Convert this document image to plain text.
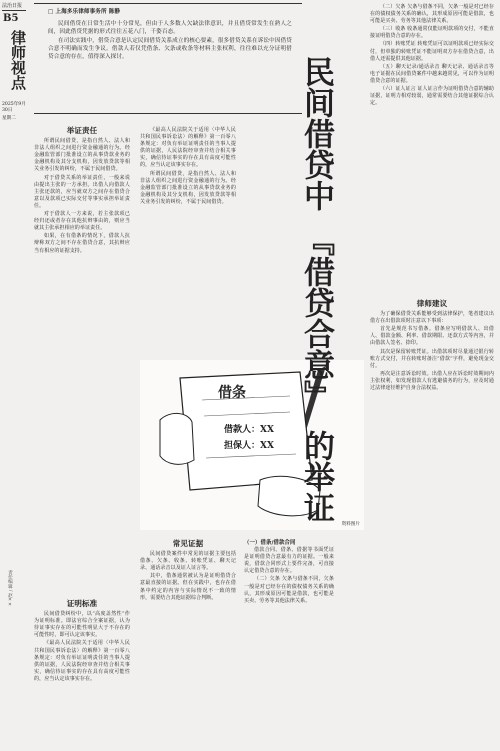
法治日报
B5
律师视点
2025年9月30日
星期二
责任编辑 / 赵××
□ 上海多乐律师事务所 陈静

民间借贷在日常生活中十分常见，但由于人多数人欠缺法律意识，并且借贷常发生在熟人之间，因此借贷凭据的形式往往五花八门，千姿百态。

在司法实践中，借贷合意是认定民间借贷关系成立的核心要素，很多借贷关系在诉讼中因借贷合意不明确而发生争议。借款人若仅凭借条、欠条或收条等材料主张权利，往往难以充分证明借贷合意的存在，值得深入探讨。

举证责任

所谓民间借贷，是指自然人、法人和非法人组织之间进行资金融通的行为。经金融监管部门批准设立的从事贷款业务的金融机构及其分支机构，因发放贷款等相关业务引发的纠纷，不属于民间借贷。

对于借贷关系的举证责任，一般来说由提出主张的一方承担。出借人向借款人主张还款的，应当就双方之间存在借贷合意以及款项已实际交付等事实承担举证责任。

对于借款人一方来说，若主张款项已经归还或者存在其他抗辩事由的，则应当就其主张承担相应的举证责任。

如果，在有借条的情况下，借款人抗辩称双方之间不存在借贷合意，其抗辩应当有相应的证据支持。

证明标准

民间借贷纠纷中，以“高度盖然性”作为证明标准。即法官综合全案证据，认为待证事实存在的可能性明显大于不存在的可能性时，即可认定该事实。

《最高人民法院关于适用〈中华人民共和国民事诉讼法〉的解释》第一百零八条规定：对负有举证证明责任的当事人提供的证据，人民法院经审查并结合相关事实，确信待证事实的存在具有高度可能性的，应当认定该事实存在。

《最高人民法院关于适用〈中华人民共和国民事诉讼法〉的解释》第一百零八条规定：对负有举证证明责任的当事人提供的证据，人民法院经审查并结合相关事实，确信待证事实的存在具有高度可能性的，应当认定该事实存在。

所谓民间借贷，是指自然人、法人和非法人组织之间进行资金融通的行为。经金融监管部门批准设立的从事贷款业务的金融机构及其分支机构，因发放贷款等相关业务引发的纠纷，不属于民间借贷。

借条
借款人：XX
担保人：XX
资料图片
常见证据

民间借贷案件中常见的证据主要包括借条、欠条、收条、转账凭证、聊天记录、通话录音以及证人证言等。

其中，借条通常被认为是证明借贷合意最直接的证据。但在实践中，也存在借条中约定的内容与实际情况不一致的情形，需要结合其他证据综合判断。

（一）借条/借款合同

借款合同、借条、借据等书面凭证是证明借贷合意最有力的证据。一般来说，借款合同形式上要件完备，可直接认定借贷合意的存在。

（二）欠条 欠条与借条不同，欠条一般是对已经存在的债权债务关系的确认，其形成原因可能是借款，也可能是买卖、劳务等其他法律关系。

民间借贷中
『借贷合意』
的举证

（二）欠条 欠条与借条不同，欠条一般是对已经存在的债权债务关系的确认，其形成原因可能是借款，也可能是买卖、劳务等其他法律关系。

（三）收条 收条通常仅能证明款项的交付，不能直接证明借贷合意的存在。

（四）转账凭证 转账凭证可以证明款项已经实际交付，但单独的转账凭证不能证明双方存在借贷合意，出借人还需提供其他证据。

（五）聊天记录/通话录音 聊天记录、通话录音等电子证据在民间借贷案件中越来越常见，可以作为证明借贷合意的证据。

（六）证人证言 证人证言作为证明借贷合意的辅助证据，证明力相对较弱，通常需要结合其他证据综合认定。

律师建议

为了确保借贷关系能够受到法律保护，笔者建议出借方在出借款项时注意以下事项：

首先是规范书写借条。借条应写明借款人、出借人、借款金额、利率、借款期限、还款方式等内容，并由借款人签名、捺印。

其次是保留转账凭证。出借款项时尽量通过银行转账方式交付，并在转账时备注“借款”字样，避免现金交付。

再次是注意诉讼时效。出借人应在诉讼时效期间内主张权利，如发现借款人有逃避债务的行为，应及时通过法律途径维护自身合法权益。
